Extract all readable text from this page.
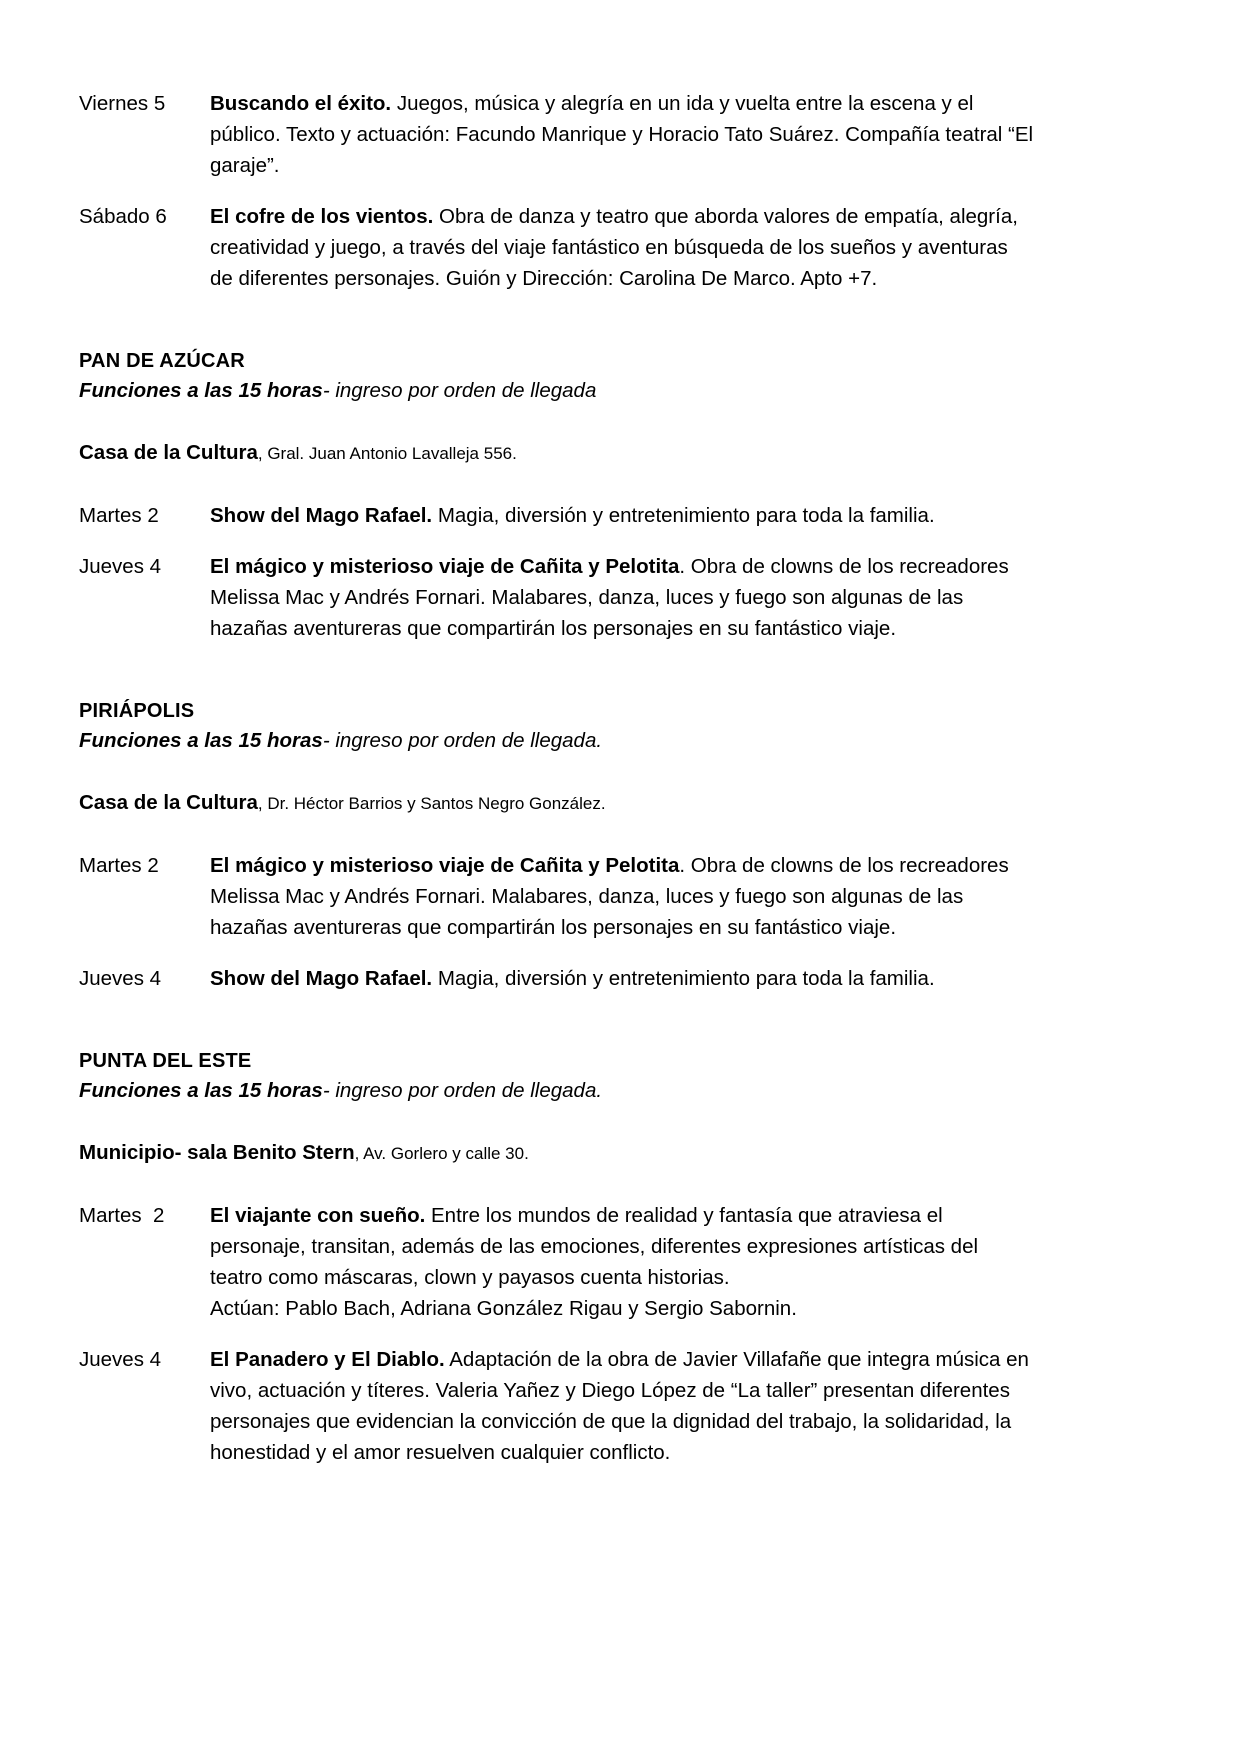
Viernes 5	Buscando el éxito. Juegos, música y alegría en un ida y vuelta entre la escena y el público. Texto y actuación: Facundo Manrique y Horacio Tato Suárez. Compañía teatral “El garaje”.
Sábado 6	El cofre de los vientos. Obra de danza y teatro que aborda valores de empatía, alegría, creatividad y juego, a través del viaje fantástico en búsqueda de los sueños y aventuras de diferentes personajes. Guión y Dirección: Carolina De Marco. Apto +7.
PAN DE AZÚCAR
Funciones a las 15 horas- ingreso por orden de llegada
Casa de la Cultura, Gral. Juan Antonio Lavalleja 556.
Martes 2	Show del Mago Rafael. Magia, diversión y entretenimiento para toda la familia.
Jueves 4	El mágico y misterioso viaje de Cañita y Pelotita. Obra de clowns de los recreadores Melissa Mac y Andrés Fornari. Malabares, danza, luces y fuego son algunas de las hazañas aventureras que compartirán los personajes en su fantástico viaje.
PIRIÁPOLIS
Funciones a las 15 horas- ingreso por orden de llegada.
Casa de la Cultura, Dr. Héctor Barrios y Santos Negro González.
Martes 2	El mágico y misterioso viaje de Cañita y Pelotita. Obra de clowns de los recreadores Melissa Mac y Andrés Fornari. Malabares, danza, luces y fuego son algunas de las hazañas aventureras que compartirán los personajes en su fantástico viaje.
Jueves 4	Show del Mago Rafael. Magia, diversión y entretenimiento para toda la familia.
PUNTA DEL ESTE
Funciones a las 15 horas- ingreso por orden de llegada.
Municipio- sala Benito Stern, Av. Gorlero y calle 30.
Martes  2	El viajante con sueño. Entre los mundos de realidad y fantasía que atraviesa el personaje, transitan, además de las emociones, diferentes expresiones artísticas del teatro como máscaras, clown y payasos cuenta historias.
Actúan: Pablo Bach, Adriana González Rigau y Sergio Sabornin.
Jueves 4	El Panadero y El Diablo. Adaptación de la obra de Javier Villafañe que integra música en vivo, actuación y títeres. Valeria Yañez y Diego López de “La taller” presentan diferentes personajes que evidencian la convicción de que la dignidad del trabajo, la solidaridad, la honestidad y el amor resuelven cualquier conflicto.
